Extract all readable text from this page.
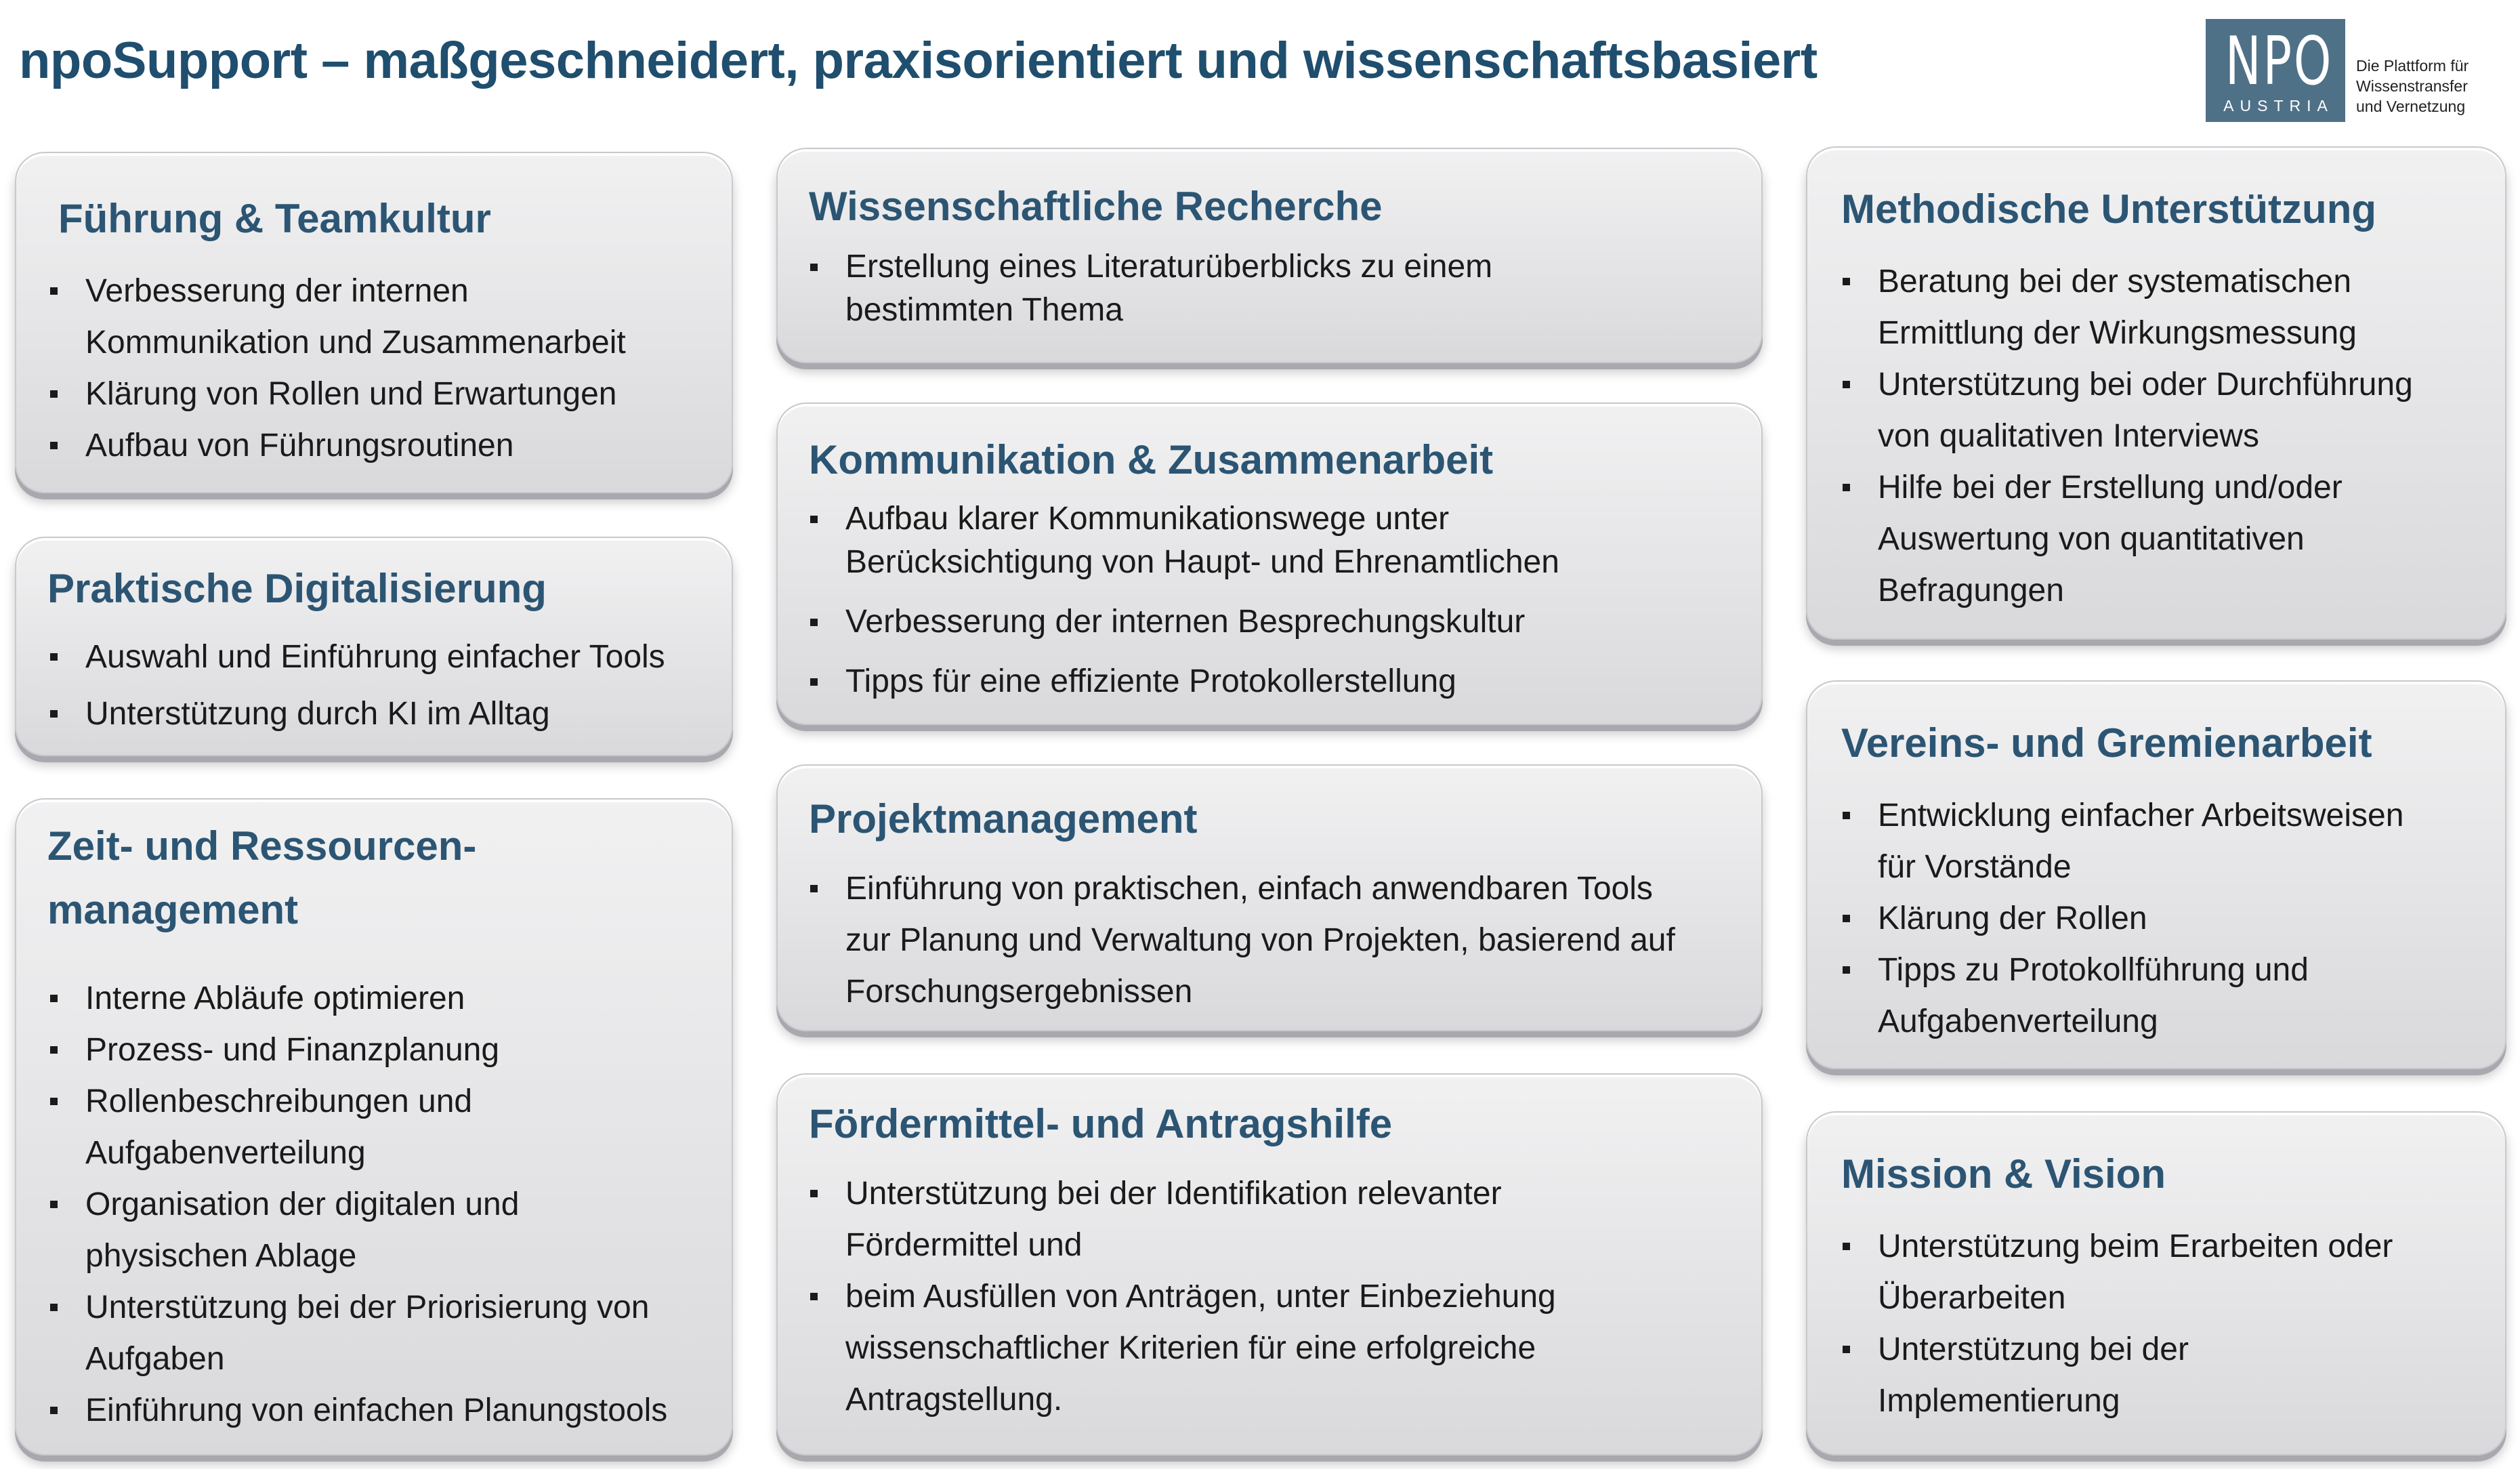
npoSupport – maßgeschneidert, praxisorientiert und wissenschaftsbasiert	NPO
AUSTRIA
Die Plattform für
Wissenstransfer
und Vernetzung
Führung & Teamkultur
Verbesserung der internen
Kommunikation und Zusammenarbeit
Klärung von Rollen und Erwartungen
Aufbau von Führungsroutinen
Praktische Digitalisierung
Auswahl und Einführung einfacher Tools
Unterstützung durch KI im Alltag
Zeit- und Ressourcen-
management
Interne Abläufe optimieren
Prozess- und Finanzplanung
Rollenbeschreibungen und
Aufgabenverteilung
Organisation der digitalen und
physischen Ablage
Unterstützung bei der Priorisierung von
Aufgaben
Einführung von einfachen Planungstools
Wissenschaftliche Recherche
Erstellung eines Literaturüberblicks zu einem
bestimmten Thema
Kommunikation & Zusammenarbeit
Aufbau klarer Kommunikationswege unter
Berücksichtigung von Haupt- und Ehrenamtlichen
Verbesserung der internen Besprechungskultur
Tipps für eine effiziente Protokollerstellung
Projektmanagement
Einführung von praktischen, einfach anwendbaren Tools
zur Planung und Verwaltung von Projekten, basierend auf
Forschungsergebnissen
Fördermittel- und Antragshilfe
Unterstützung bei der Identifikation relevanter
Fördermittel und
beim Ausfüllen von Anträgen, unter Einbeziehung
wissenschaftlicher Kriterien für eine erfolgreiche
Antragstellung.
Methodische Unterstützung
Beratung bei der systematischen
Ermittlung der Wirkungsmessung
Unterstützung bei oder Durchführung
von qualitativen Interviews
Hilfe bei der Erstellung und/oder
Auswertung von quantitativen
Befragungen
Vereins- und Gremienarbeit
Entwicklung einfacher Arbeitsweisen
für Vorstände
Klärung der Rollen
Tipps zu Protokollführung und
Aufgabenverteilung
Mission & Vision
Unterstützung beim Erarbeiten oder
Überarbeiten
Unterstützung bei der
Implementierung
